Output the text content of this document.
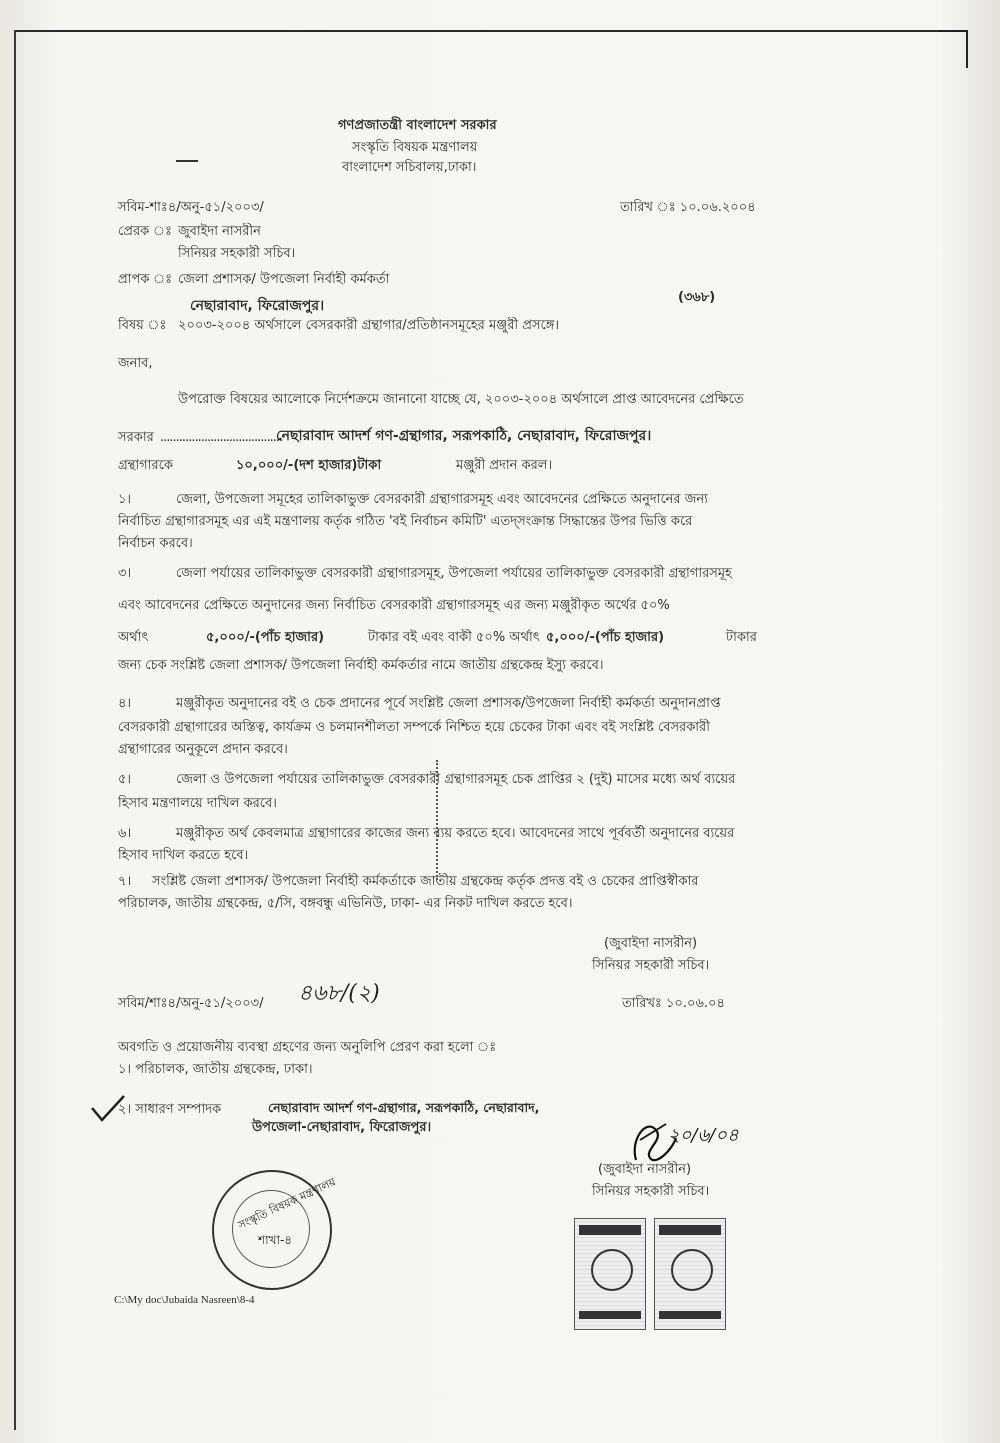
গণপ্রজাতন্ত্রী বাংলাদেশ সরকার
সংস্কৃতি বিষয়ক মন্ত্রণালয়
বাংলাদেশ সচিবালয়,ঢাকা।
সবিম-শাঃ৪/অনু-৫১/২০০৩/	তারিখ ঃ ১০.০৬.২০০৪
প্রেরক ঃ জুবাইদা নাসরীন
সিনিয়র সহকারী সচিব।
প্রাপক ঃ জেলা প্রশাসক/ উপজেলা নির্বাহী কর্মকর্তা
(৩৬৮)
নেছারাবাদ, ফিরোজপুর।
বিষয় ঃ ২০০৩-২০০৪ অর্থসালে বেসরকারী গ্রন্থাগার/প্রতিষ্ঠানসমূহের মঞ্জুরী প্রসঙ্গে।
জনাব,
উপরোক্ত বিষয়ের আলোকে নির্দেশক্রমে জানানো যাচ্ছে যে, ২০০৩-২০০৪ অর্থসালে প্রাপ্ত আবেদনের প্রেক্ষিতে
সরকার .......................................
নেছারাবাদ আদর্শ গণ-গ্রন্থাগার, সরূপকাঠি, নেছারাবাদ, ফিরোজপুর।
গ্রন্থাগারকে	১০,০০০/-(দশ হাজার)টাকা	মঞ্জুরী প্রদান করল।
১।	জেলা, উপজেলা সমূহের তালিকাভুক্ত বেসরকারী গ্রন্থাগারসমূহ এবং আবেদনের প্রেক্ষিতে অনুদানের জন্য
নির্বাচিত গ্রন্থাগারসমূহ এর এই মন্ত্রণালয় কর্তৃক গঠিত 'বই নির্বাচন কমিটি' এতদ্সংক্রান্ত সিদ্ধান্তের উপর ভিত্তি করে
নির্বাচন করবে।
৩।	জেলা পর্যায়ের তালিকাভুক্ত বেসরকারী গ্রন্থাগারসমূহ, উপজেলা পর্যায়ের তালিকাভুক্ত বেসরকারী গ্রন্থাগারসমূহ
এবং আবেদনের প্রেক্ষিতে অনুদানের জন্য নির্বাচিত বেসরকারী গ্রন্থাগারসমূহ এর জন্য মঞ্জুরীকৃত অর্থের ৫০%
অর্থাৎ	৫,০০০/-(পাঁচ হাজার)	টাকার বই এবং বাকী ৫০% অর্থাৎ ৫,০০০/-(পাঁচ হাজার)	টাকার
জন্য চেক সংশ্লিষ্ট জেলা প্রশাসক/ উপজেলা নির্বাহী কর্মকর্তার নামে জাতীয় গ্রন্থকেন্দ্র ইস্যু করবে।
৪।	মঞ্জুরীকৃত অনুদানের বই ও চেক প্রদানের পূর্বে সংশ্লিষ্ট জেলা প্রশাসক/উপজেলা নির্বাহী কর্মকর্তা অনুদানপ্রাপ্ত
বেসরকারী গ্রন্থাগারের অস্তিত্ব, কার্যক্রম ও চলমানশীলতা সম্পর্কে নিশ্চিত হয়ে চেকের টাকা এবং বই সংশ্লিষ্ট বেসরকারী
গ্রন্থাগারের অনুকূলে প্রদান করবে।
৫।	জেলা ও উপজেলা পর্যায়ের তালিকাভুক্ত বেসরকারী গ্রন্থাগারসমূহ চেক প্রাপ্তির ২ (দুই) মাসের মধ্যে অর্থ ব্যয়ের
হিসাব মন্ত্রণালয়ে দাখিল করবে।
৬।	মঞ্জুরীকৃত অর্থ কেবলমাত্র গ্রন্থাগারের কাজের জন্য ব্যয় করতে হবে। আবেদনের সাথে পূর্ববর্তী অনুদানের ব্যয়ের
হিসাব দাখিল করতে হবে।
৭। সংশ্লিষ্ট জেলা প্রশাসক/ উপজেলা নির্বাহী কর্মকর্তাকে জাতীয় গ্রন্থকেন্দ্র কর্তৃক প্রদত্ত বই ও চেকের প্রাপ্তিস্বীকার
পরিচালক, জাতীয় গ্রন্থকেন্দ্র, ৫/সি, বঙ্গবন্ধু এভিনিউ, ঢাকা- এর নিকট দাখিল করতে হবে।
(জুবাইদা নাসরীন)
সিনিয়র সহকারী সচিব।
সবিম/শাঃ৪/অনু-৫১/২০০৩/ ৪৬৮/(২)	তারিখঃ ১০.০৬.০৪
অবগতি ও প্রয়োজনীয় ব্যবস্থা গ্রহণের জন্য অনুলিপি প্রেরণ করা হলো ঃ
১। পরিচালক, জাতীয় গ্রন্থকেন্দ্র, ঢাকা।
২। সাধারণ সম্পাদক	নেছারাবাদ আদর্শ গণ-গ্রন্থাগার, সরূপকাঠি, নেছারাবাদ,
উপজেলা-নেছারাবাদ, ফিরোজপুর।	২০/৬/০৪
(জুবাইদা নাসরীন)
সিনিয়র সহকারী সচিব।
সংস্কৃতি বিষয়ক মন্ত্রণালয়
শাখা-৪
C:\My doc\Jubaida Nasreen\8-4
